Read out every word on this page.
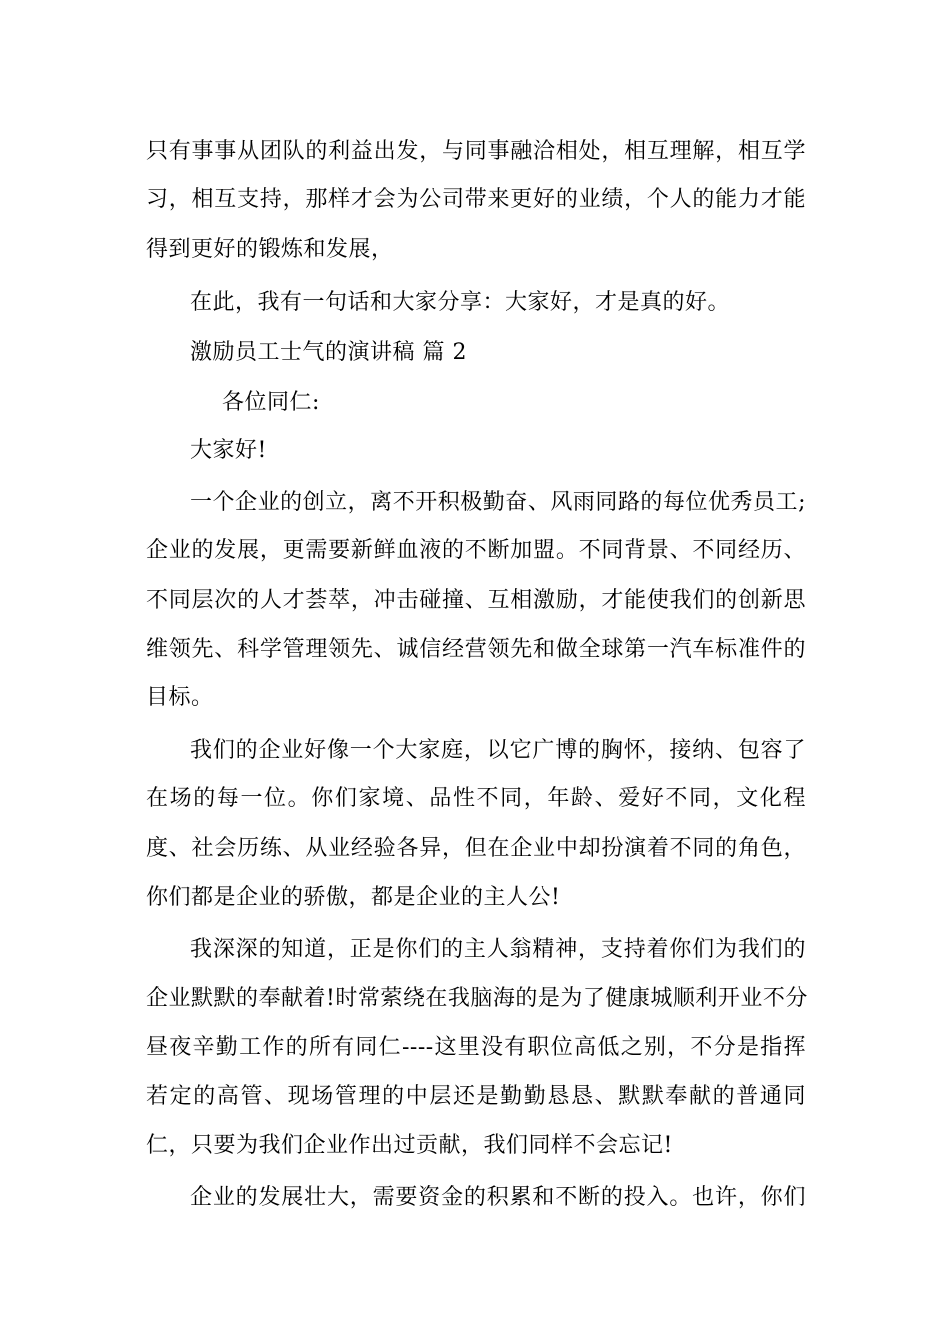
只有事事从团队的利益出发，与同事融洽相处，相互理解，相互学
习，相互支持，那样才会为公司带来更好的业绩，个人的能力才能
得到更好的锻炼和发展，
在此，我有一句话和大家分享：大家好，才是真的好。
激励员工士气的演讲稿 篇 2
各位同仁:
大家好!
一个企业的创立，离不开积极勤奋、风雨同路的每位优秀员工;
企业的发展，更需要新鲜血液的不断加盟。不同背景、不同经历、
不同层次的人才荟萃，冲击碰撞、互相激励，才能使我们的创新思
维领先、科学管理领先、诚信经营领先和做全球第一汽车标准件的
目标。
我们的企业好像一个大家庭，以它广博的胸怀，接纳、包容了
在场的每一位。你们家境、品性不同，年龄、爱好不同，文化程
度、社会历练、从业经验各异，但在企业中却扮演着不同的角色，
你们都是企业的骄傲，都是企业的主人公!
我深深的知道，正是你们的主人翁精神，支持着你们为我们的
企业默默的奉献着!时常萦绕在我脑海的是为了健康城顺利开业不分
昼夜辛勤工作的所有同仁----这里没有职位高低之别，不分是指挥
若定的高管、现场管理的中层还是勤勤恳恳、默默奉献的普通同
仁，只要为我们企业作出过贡献，我们同样不会忘记!
企业的发展壮大，需要资金的积累和不断的投入。也许，你们
